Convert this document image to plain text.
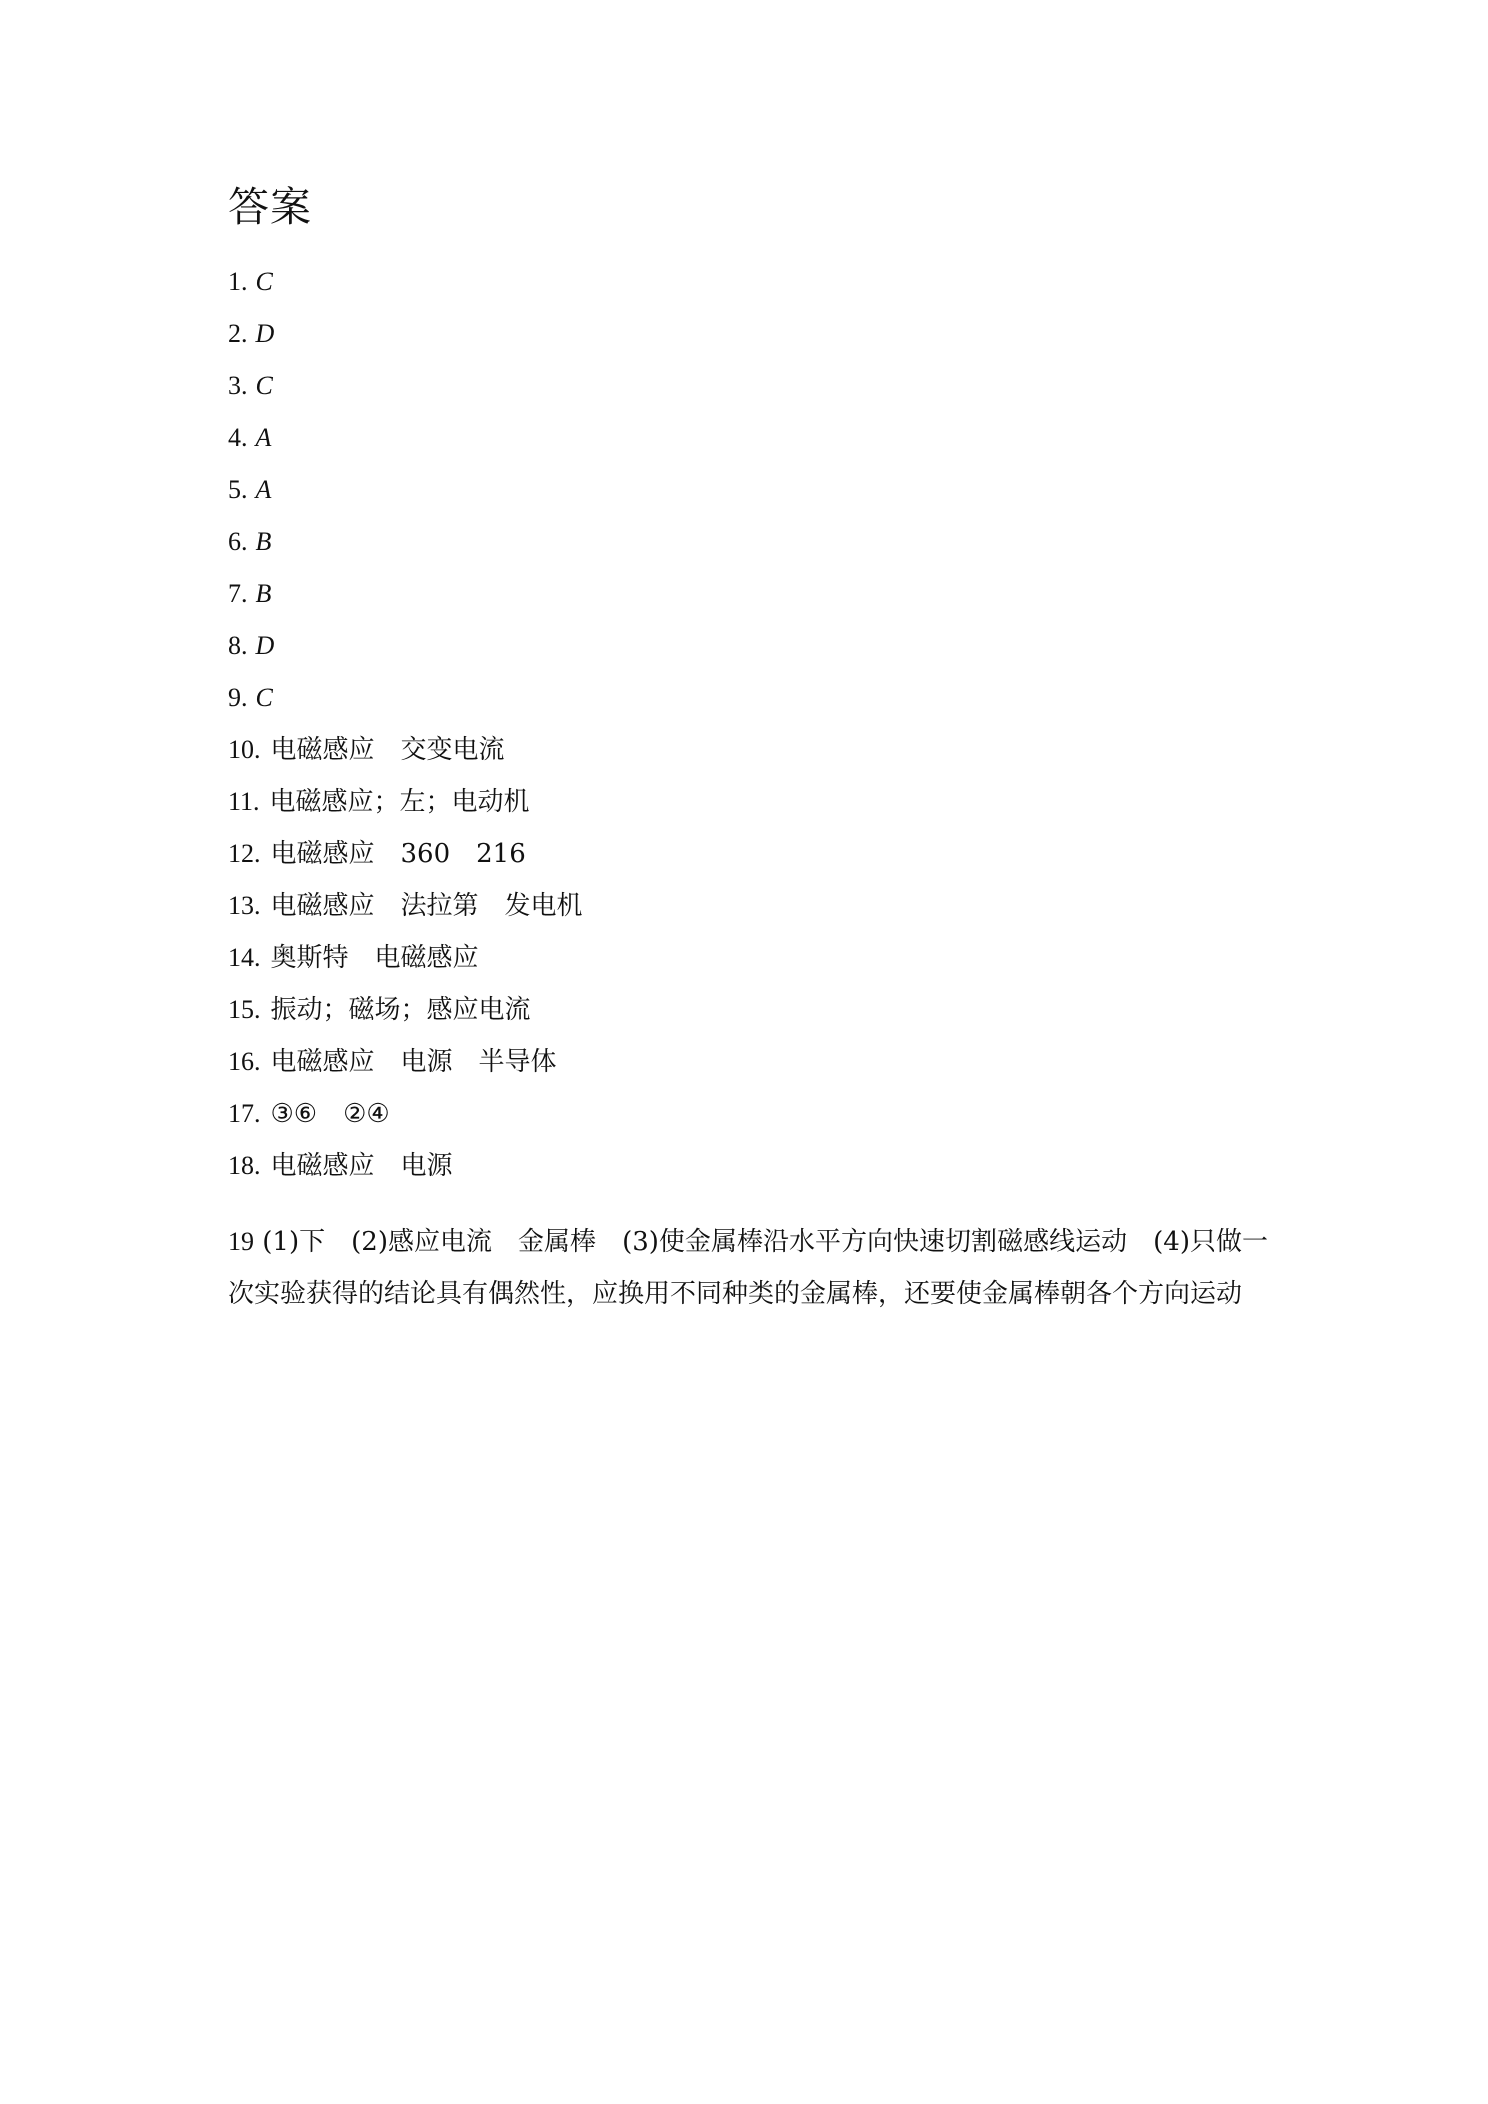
答案
1. C
2. D
3. C
4. A
5. A
6. B
7. B
8. D
9. C
10. 电磁感应　交变电流
11. 电磁感应；左；电动机
12. 电磁感应　360　216
13. 电磁感应　法拉第　发电机
14. 奥斯特　电磁感应
15. 振动；磁场；感应电流
16. 电磁感应　电源　半导体
17. ③⑥　②④
18. 电磁感应　电源

19 (1)下　(2)感应电流　金属棒　(3)使金属棒沿水平方向快速切割磁感线运动　(4)只做一次实验获得的结论具有偶然性，应换用不同种类的金属棒，还要使金属棒朝各个方向运动
